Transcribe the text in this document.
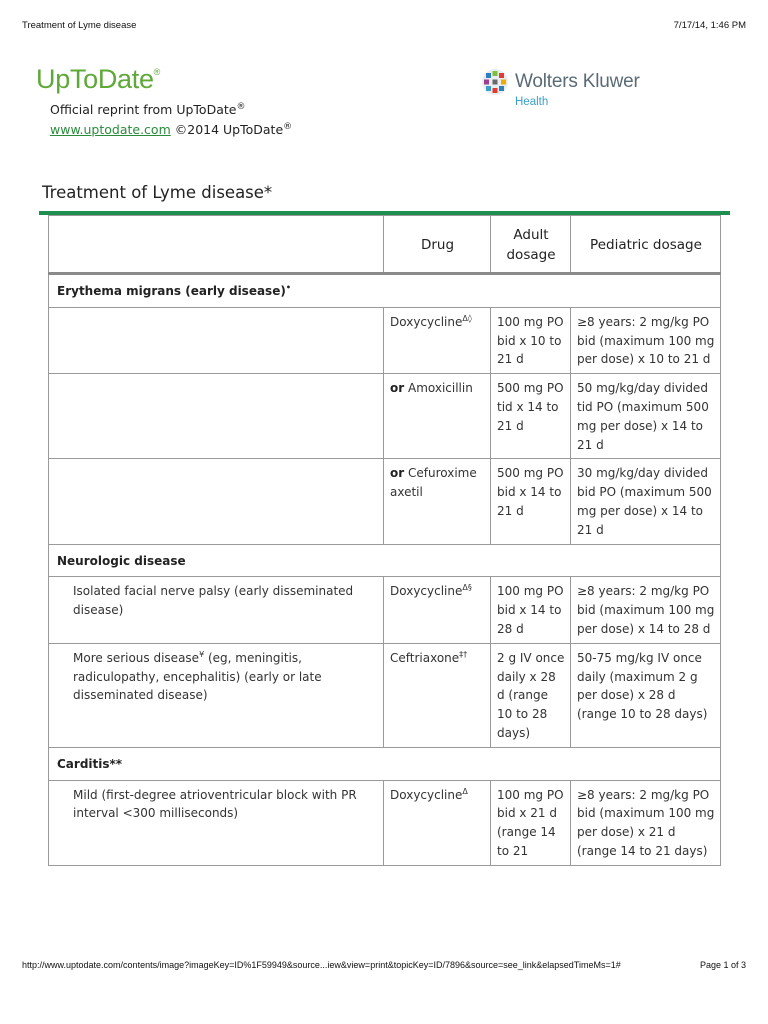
Treatment of Lyme disease	7/17/14, 1:46 PM
UpToDate®
Official reprint from UpToDate®
www.uptodate.com ©2014 UpToDate®
Wolters Kluwer
Health
Treatment of Lyme disease*
	Drug	Adult dosage	Pediatric dosage
Erythema migrans (early disease)•
	Doxycycline$^{\Delta◊}$	100 mg PO bid x 10 to 21 d	≥8 years: 2 mg/kg PO bid (maximum 100 mg per dose) x 10 to 21 d
	or Amoxicillin	500 mg PO tid x 14 to 21 d	50 mg/kg/day divided tid PO (maximum 500 mg per dose) x 14 to 21 d
	or Cefuroxime axetil	500 mg PO bid x 14 to 21 d	30 mg/kg/day divided bid PO (maximum 500 mg per dose) x 14 to 21 d
Neurologic disease			
Isolated facial nerve palsy (early disseminated disease)	Doxycycline$^{\Delta\S}$	100 mg PO bid x 14 to 28 d	≥8 years: 2 mg/kg PO bid (maximum 100 mg per dose) x 14 to 28 d
More serious disease¥ (eg, meningitis, radiculopathy, encephalitis) (early or late disseminated disease)	Ceftriaxone‡†	2 g IV once daily x 28 d (range 10 to 28 days)	50-75 mg/kg IV once daily (maximum 2 g per dose) x 28 d (range 10 to 28 days)
Carditis**			
Mild (first-degree atrioventricular block with PR interval <300 milliseconds)	Doxycycline$^\Delta$	100 mg PO bid x 21 d (range 14 to 21	≥8 years: 2 mg/kg PO bid (maximum 100 mg per dose) x 21 d (range 14 to 21 days)
http://www.uptodate.com/contents/image?imageKey=ID%1F59949&source...iew&view=print&topicKey=ID/7896&source=see_link&elapsedTimeMs=1#	Page 1 of 3
